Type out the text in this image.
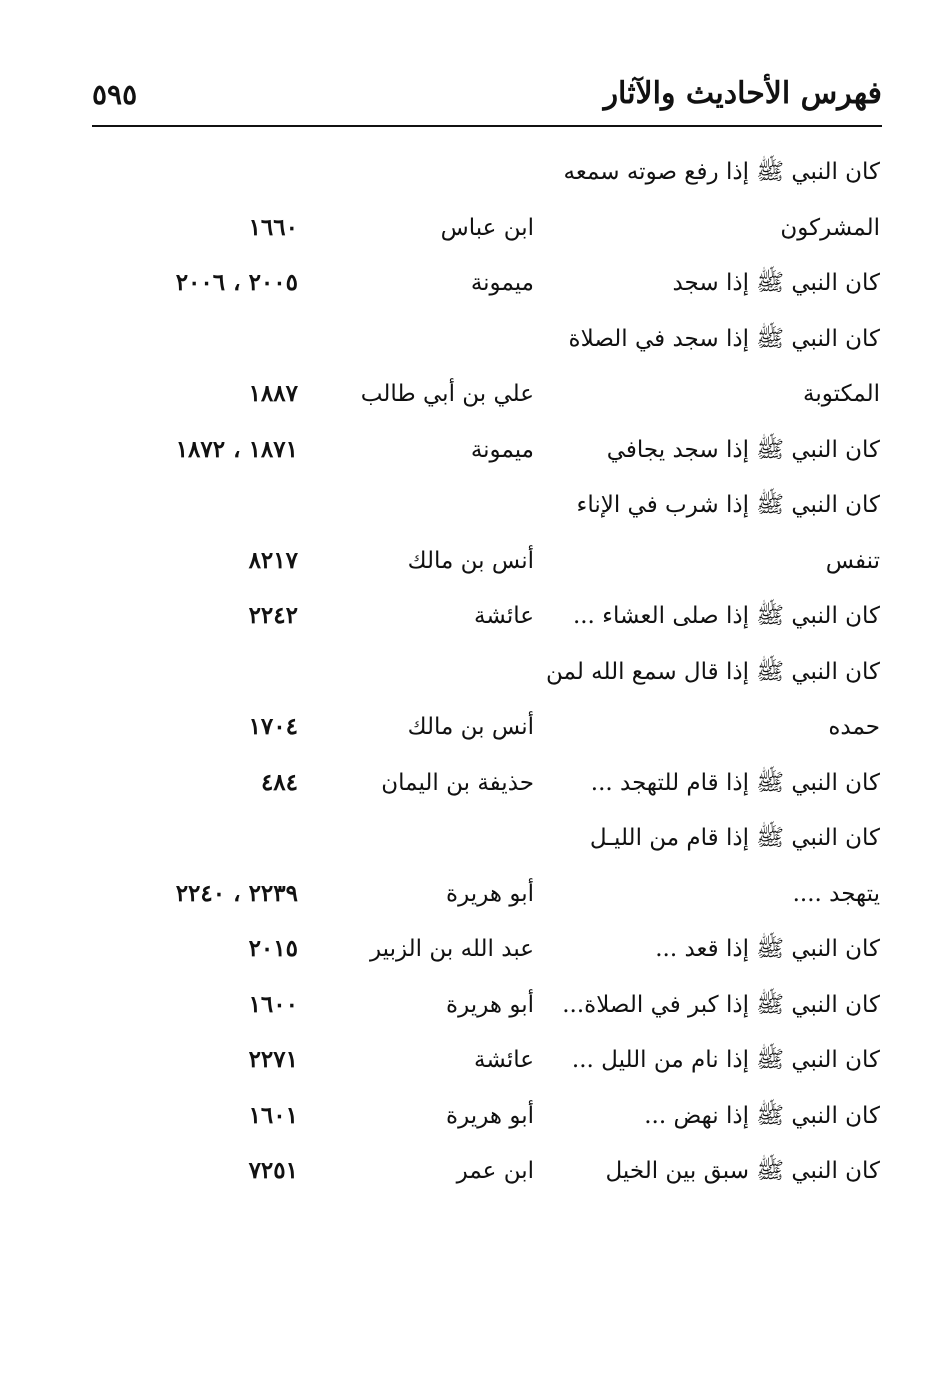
فهرس الأحاديث والآثار
٥٩٥
كان النبي ﷺ إذا رفع صوته سمعه
المشركون
ابن عباس
١٦٦٠
كان النبي ﷺ إذا سجد
ميمونة
٢٠٠٥ ، ٢٠٠٦
كان النبي ﷺ إذا سجد في الصلاة
المكتوبة
علي بن أبي طالب
١٨٨٧
كان النبي ﷺ إذا سجد يجافي
ميمونة
١٨٧١ ، ١٨٧٢
كان النبي ﷺ إذا شرب في الإناء
تنفس
أنس بن مالك
٨٢١٧
كان النبي ﷺ إذا صلى العشاء ...
عائشة
٢٢٤٢
كان النبي ﷺ إذا قال سمع الله لمن
حمده
أنس بن مالك
١٧٠٤
كان النبي ﷺ إذا قام للتهجد ...
حذيفة بن اليمان
٤٨٤
كان النبي ﷺ إذا قام من الليـل
يتهجد ....
أبو هريرة
٢٢٣٩ ، ٢٢٤٠
كان النبي ﷺ إذا قعد ...
عبد الله بن الزبير
٢٠١٥
كان النبي ﷺ إذا كبر في الصلاة...
أبو هريرة
١٦٠٠
كان النبي ﷺ إذا نام من الليل ...
عائشة
٢٢٧١
كان النبي ﷺ إذا نهض ...
أبو هريرة
١٦٠١
كان النبي ﷺ سبق بين الخيل
ابن عمر
٧٢٥١
